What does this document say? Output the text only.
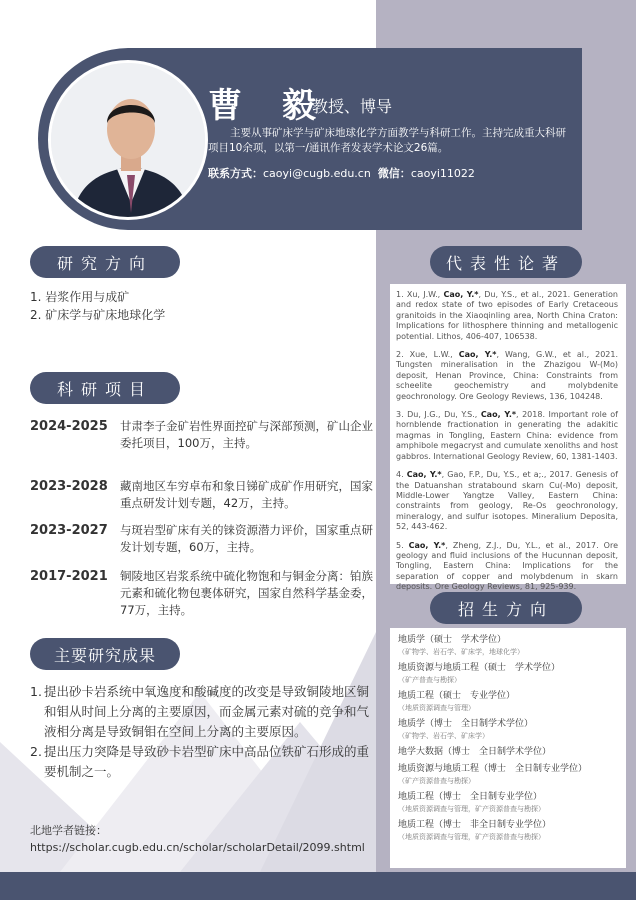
曹 毅
教授、博导
主要从事矿床学与矿床地球化学方面教学与科研工作。主持完成重大科研项目10余项，以第一/通讯作者发表学术论文26篇。
联系方式：caoyi@cugb.edu.cn 微信：caoyi11022
研究方向
1. 岩浆作用与成矿
2. 矿床学与矿床地球化学
科研项目
2024-2025	甘肃李子金矿岩性界面控矿与深部预测，矿山企业委托项目，100万，主持。
2023-2028	藏南地区车穷卓布和象日锑矿成矿作用研究，国家重点研发计划专题，42万，主持。
2023-2027	与斑岩型矿床有关的铼资源潜力评价，国家重点研发计划专题，60万，主持。
2017-2021	铜陵地区岩浆系统中硫化物饱和与铜金分离：铂族元素和硫化物包裹体研究，国家自然科学基金委，77万，主持。
主要研究成果
1. 提出砂卡岩系统中氧逸度和酸碱度的改变是导致铜陵地区铜和钼从时间上分离的主要原因，而金属元素对硫的竞争和气液相分离是导致铜钼在空间上分离的主要原因。
2. 提出压力突降是导致砂卡岩型矿床中高品位铁矿石形成的重要机制之一。
北地学者链接：
https://scholar.cugb.edu.cn/scholar/scholarDetail/2099.shtml
代表性论著
1. Xu, J.W., Cao, Y.*, Du, Y.S., et al., 2021. Generation and redox state of two episodes of Early Cretaceous granitoids in the Xiaoqinling area, North China Craton: Implications for lithosphere thinning and metallogenic potential. Lithos, 406-407, 106538.
2. Xue, L.W., Cao, Y.*, Wang, G.W., et al., 2021. Tungsten mineralisation in the Zhazigou W-(Mo) deposit, Henan Province, China: Constraints from scheelite geochemistry and molybdenite geochronology. Ore Geology Reviews, 136, 104248.
3. Du, J.G., Du, Y.S., Cao, Y.*, 2018. Important role of hornblende fractionation in generating the adakitic magmas in Tongling, Eastern China: evidence from amphibole megacryst and cumulate xenoliths and host gabbros. International Geology Review, 60, 1381-1403.
4. Cao, Y.*, Gao, F.P., Du, Y.S., et a;., 2017. Genesis of the Datuanshan stratabound skarn Cu(-Mo) deposit, Middle-Lower Yangtze Valley, Eastern China: constraints from geology, Re-Os geochronology, mineralogy, and sulfur isotopes. Mineralium Deposita, 52, 443-462.
5. Cao, Y.*, Zheng, Z.J., Du, Y.L., et al., 2017. Ore geology and fluid inclusions of the Hucunnan deposit, Tongling, Eastern China: Implications for the separation of copper and molybdenum in skarn deposits. Ore Geology Reviews, 81, 925-939.
招生方向
地质学（硕士　学术学位）
（矿物学、岩石学、矿床学，地球化学）
地质资源与地质工程（硕士　学术学位）
（矿产普查与勘探）
地质工程（硕士　专业学位）
（地质资源调查与管理）
地质学（博士　全日制学术学位）
（矿物学、岩石学、矿床学）
地学大数据（博士　全日制学术学位）
地质资源与地质工程（博士　全日制专业学位）
（矿产资源普查与勘探）
地质工程（博士　全日制专业学位）
（地质资源调查与管理，矿产资源普查与勘探）
地质工程（博士　非全日制专业学位）
（地质资源调查与管理，矿产资源普查与勘探）
